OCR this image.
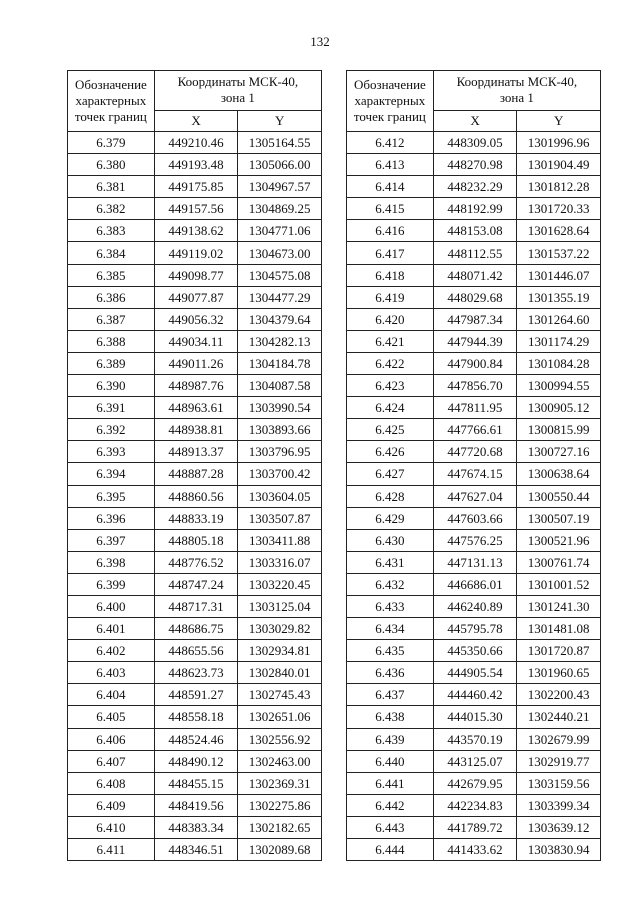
132
Обозначение
характерных
точек границ	Координаты МСК-40,
зона 1	
	X	Y
6.379	449210.46	1305164.55
6.380	449193.48	1305066.00
6.381	449175.85	1304967.57
6.382	449157.56	1304869.25
6.383	449138.62	1304771.06
6.384	449119.02	1304673.00
6.385	449098.77	1304575.08
6.386	449077.87	1304477.29
6.387	449056.32	1304379.64
6.388	449034.11	1304282.13
6.389	449011.26	1304184.78
6.390	448987.76	1304087.58
6.391	448963.61	1303990.54
6.392	448938.81	1303893.66
6.393	448913.37	1303796.95
6.394	448887.28	1303700.42
6.395	448860.56	1303604.05
6.396	448833.19	1303507.87
6.397	448805.18	1303411.88
6.398	448776.52	1303316.07
6.399	448747.24	1303220.45
6.400	448717.31	1303125.04
6.401	448686.75	1303029.82
6.402	448655.56	1302934.81
6.403	448623.73	1302840.01
6.404	448591.27	1302745.43
6.405	448558.18	1302651.06
6.406	448524.46	1302556.92
6.407	448490.12	1302463.00
6.408	448455.15	1302369.31
6.409	448419.56	1302275.86
6.410	448383.34	1302182.65
6.411	448346.51	1302089.68
Обозначение
характерных
точек границ	Координаты МСК-40,
зона 1	
	X	Y
6.412	448309.05	1301996.96
6.413	448270.98	1301904.49
6.414	448232.29	1301812.28
6.415	448192.99	1301720.33
6.416	448153.08	1301628.64
6.417	448112.55	1301537.22
6.418	448071.42	1301446.07
6.419	448029.68	1301355.19
6.420	447987.34	1301264.60
6.421	447944.39	1301174.29
6.422	447900.84	1301084.28
6.423	447856.70	1300994.55
6.424	447811.95	1300905.12
6.425	447766.61	1300815.99
6.426	447720.68	1300727.16
6.427	447674.15	1300638.64
6.428	447627.04	1300550.44
6.429	447603.66	1300507.19
6.430	447576.25	1300521.96
6.431	447131.13	1300761.74
6.432	446686.01	1301001.52
6.433	446240.89	1301241.30
6.434	445795.78	1301481.08
6.435	445350.66	1301720.87
6.436	444905.54	1301960.65
6.437	444460.42	1302200.43
6.438	444015.30	1302440.21
6.439	443570.19	1302679.99
6.440	443125.07	1302919.77
6.441	442679.95	1303159.56
6.442	442234.83	1303399.34
6.443	441789.72	1303639.12
6.444	441433.62	1303830.94
